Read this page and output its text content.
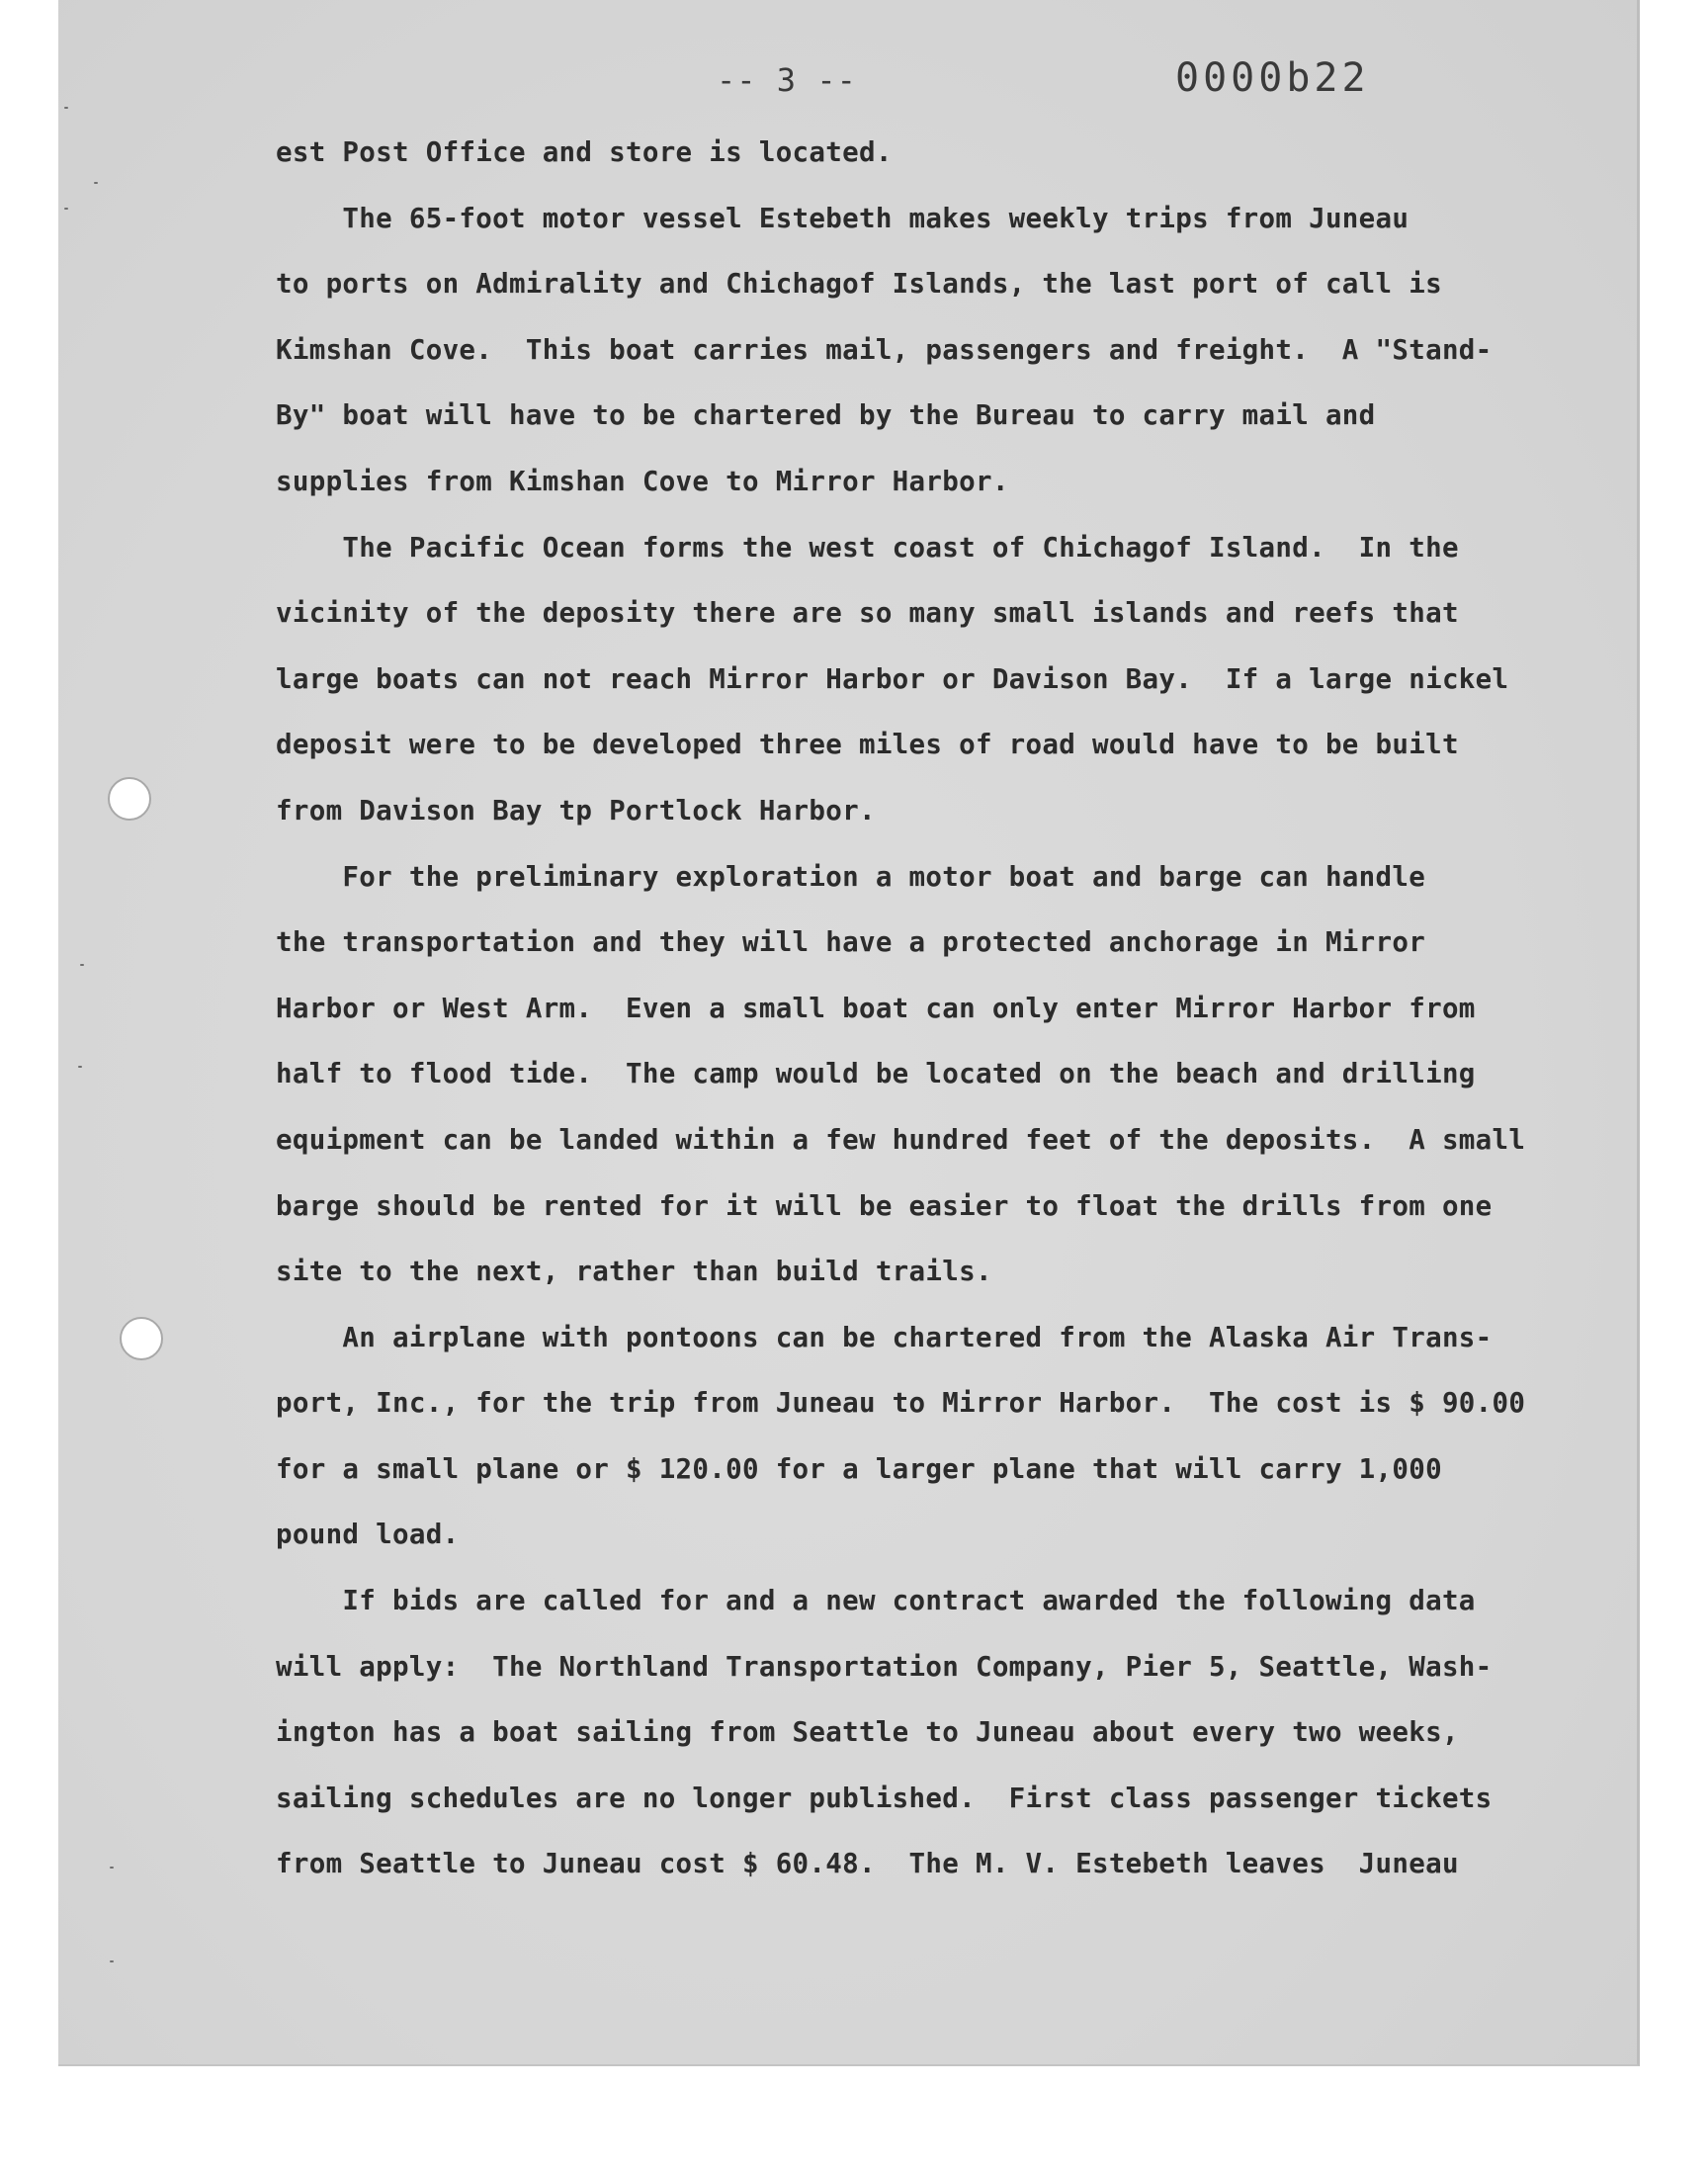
-- 3 --	0000b22
est Post Office and store is located.
The 65-foot motor vessel Estebeth makes weekly trips from Juneau
to ports on Admirality and Chichagof Islands, the last port of call is
Kimshan Cove.  This boat carries mail, passengers and freight.  A "Stand-
By" boat will have to be chartered by the Bureau to carry mail and
supplies from Kimshan Cove to Mirror Harbor.
The Pacific Ocean forms the west coast of Chichagof Island.  In the
vicinity of the deposity there are so many small islands and reefs that
large boats can not reach Mirror Harbor or Davison Bay.  If a large nickel
deposit were to be developed three miles of road would have to be built
from Davison Bay tp Portlock Harbor.
For the preliminary exploration a motor boat and barge can handle
the transportation and they will have a protected anchorage in Mirror
Harbor or West Arm.  Even a small boat can only enter Mirror Harbor from
half to flood tide.  The camp would be located on the beach and drilling
equipment can be landed within a few hundred feet of the deposits.  A small
barge should be rented for it will be easier to float the drills from one
site to the next, rather than build trails.
An airplane with pontoons can be chartered from the Alaska Air Trans-
port, Inc., for the trip from Juneau to Mirror Harbor.  The cost is $ 90.00
for a small plane or $ 120.00 for a larger plane that will carry 1,000
pound load.
If bids are called for and a new contract awarded the following data
will apply:  The Northland Transportation Company, Pier 5, Seattle, Wash-
ington has a boat sailing from Seattle to Juneau about every two weeks,
sailing schedules are no longer published.  First class passenger tickets
from Seattle to Juneau cost $ 60.48.  The M. V. Estebeth leaves  Juneau
